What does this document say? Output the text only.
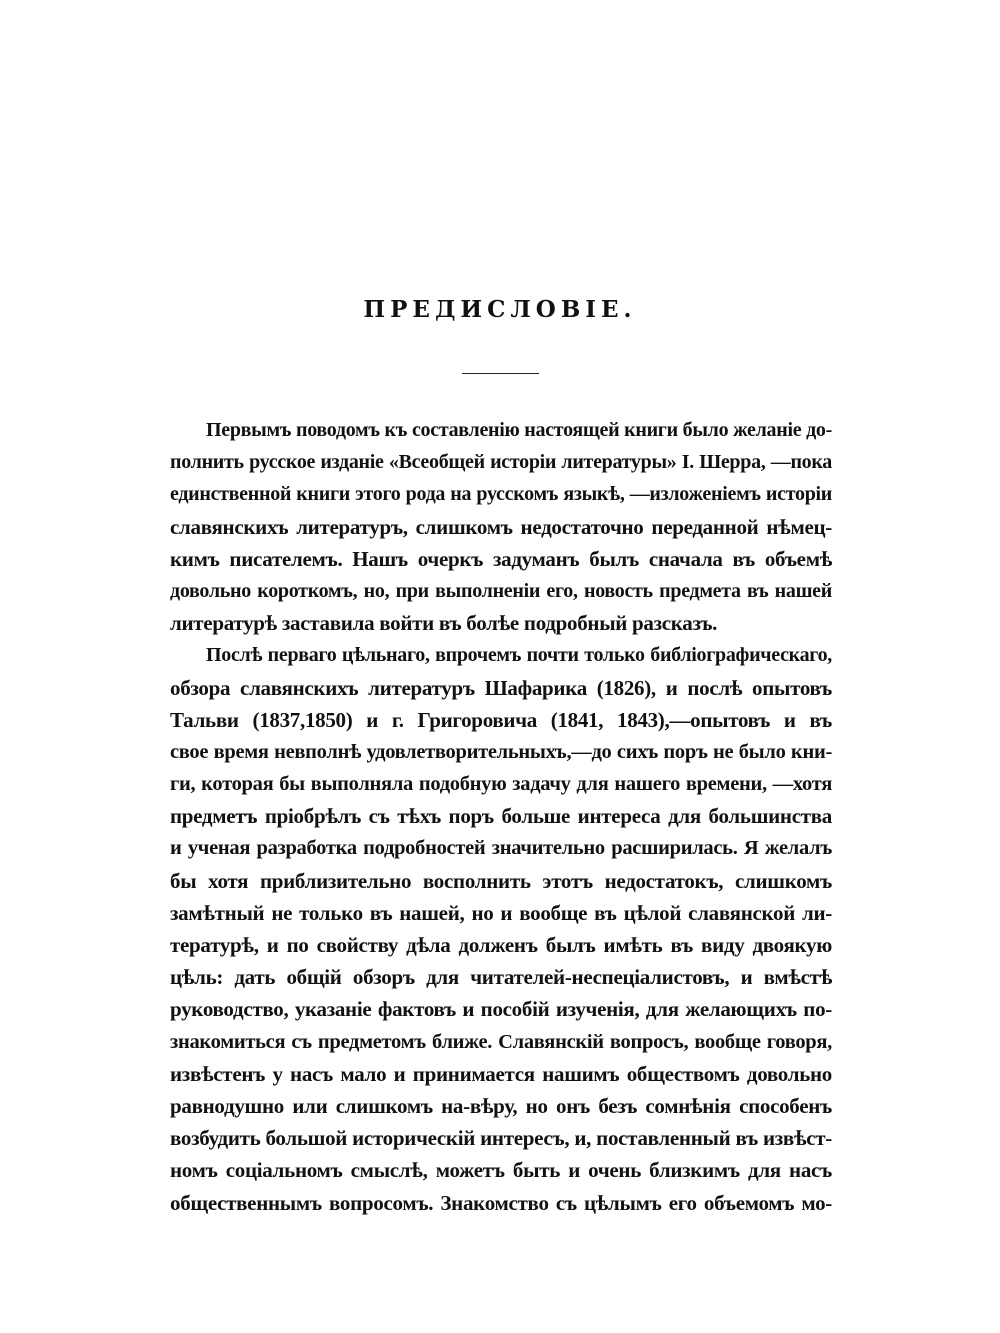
ПРЕДИСЛОВІЕ.
Первымъ поводомъ къ составленію настоящей книги было желаніе до-
полнить русское изданіе «Всеобщей исторіи литературы» I. Шерра, —пока
единственной книги этого рода на русскомъ языкѣ, —изложеніемъ исторіи
славянскихъ литературъ, слишкомъ недостаточно переданной нѣмец-
кимъ писателемъ. Нашъ очеркъ задуманъ былъ сначала въ объемѣ
довольно короткомъ, но, при выполненіи его, новость предмета въ нашей
литературѣ заставила войти въ болѣе подробный разсказъ.
Послѣ перваго цѣльнаго, впрочемъ почти только библіографическаго,
обзора славянскихъ литературъ Шафарика (1826), и послѣ опытовъ
Тальви (1837,1850) и г. Григоровича (1841, 1843),—опытовъ и въ
свое время невполнѣ удовлетворительныхъ,—до сихъ поръ не было кни-
ги, которая бы выполняла подобную задачу для нашего времени, —хотя
предметъ пріобрѣлъ съ тѣхъ поръ больше интереса для большинства
и ученая разработка подробностей значительно расширилась. Я желалъ
бы хотя приблизительно восполнить этотъ недостатокъ, слишкомъ
замѣтный не только въ нашей, но и вообще въ цѣлой славянской ли-
тературѣ, и по свойству дѣла долженъ былъ имѣть въ виду двоякую
цѣль: дать общій обзоръ для читателей-неспеціалистовъ, и вмѣстѣ
руководство, указаніе фактовъ и пособій изученія, для желающихъ по-
знакомиться съ предметомъ ближе. Славянскій вопросъ, вообще говоря,
извѣстенъ у насъ мало и принимается нашимъ обществомъ довольно
равнодушно или слишкомъ на-вѣру, но онъ безъ сомнѣнія способенъ
возбудить большой историческій интересъ, и, поставленный въ извѣст-
номъ соціальномъ смыслѣ, можетъ быть и очень близкимъ для насъ
общественнымъ вопросомъ. Знакомство съ цѣлымъ его объемомъ мо-
